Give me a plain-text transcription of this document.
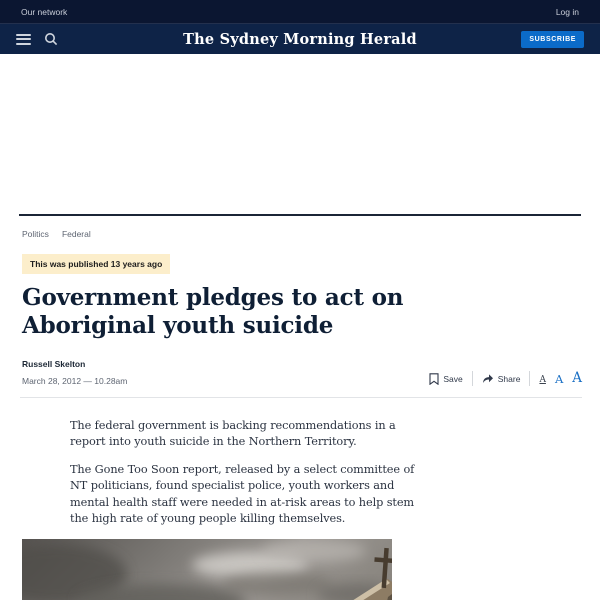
Our network	Log in
The Sydney Morning Herald	SUBSCRIBE
Politics Federal
This was published 13 years ago
Government pledges to act on Aboriginal youth suicide
Russell Skelton
March 28, 2012 — 10.28am	Save	Share A A A

The federal government is backing recommendations in a report into youth suicide in the Northern Territory.

The Gone Too Soon report, released by a select committee of NT politicians, found specialist police, youth workers and mental health staff were needed in at-risk areas to help stem the high rate of young people killing themselves.
